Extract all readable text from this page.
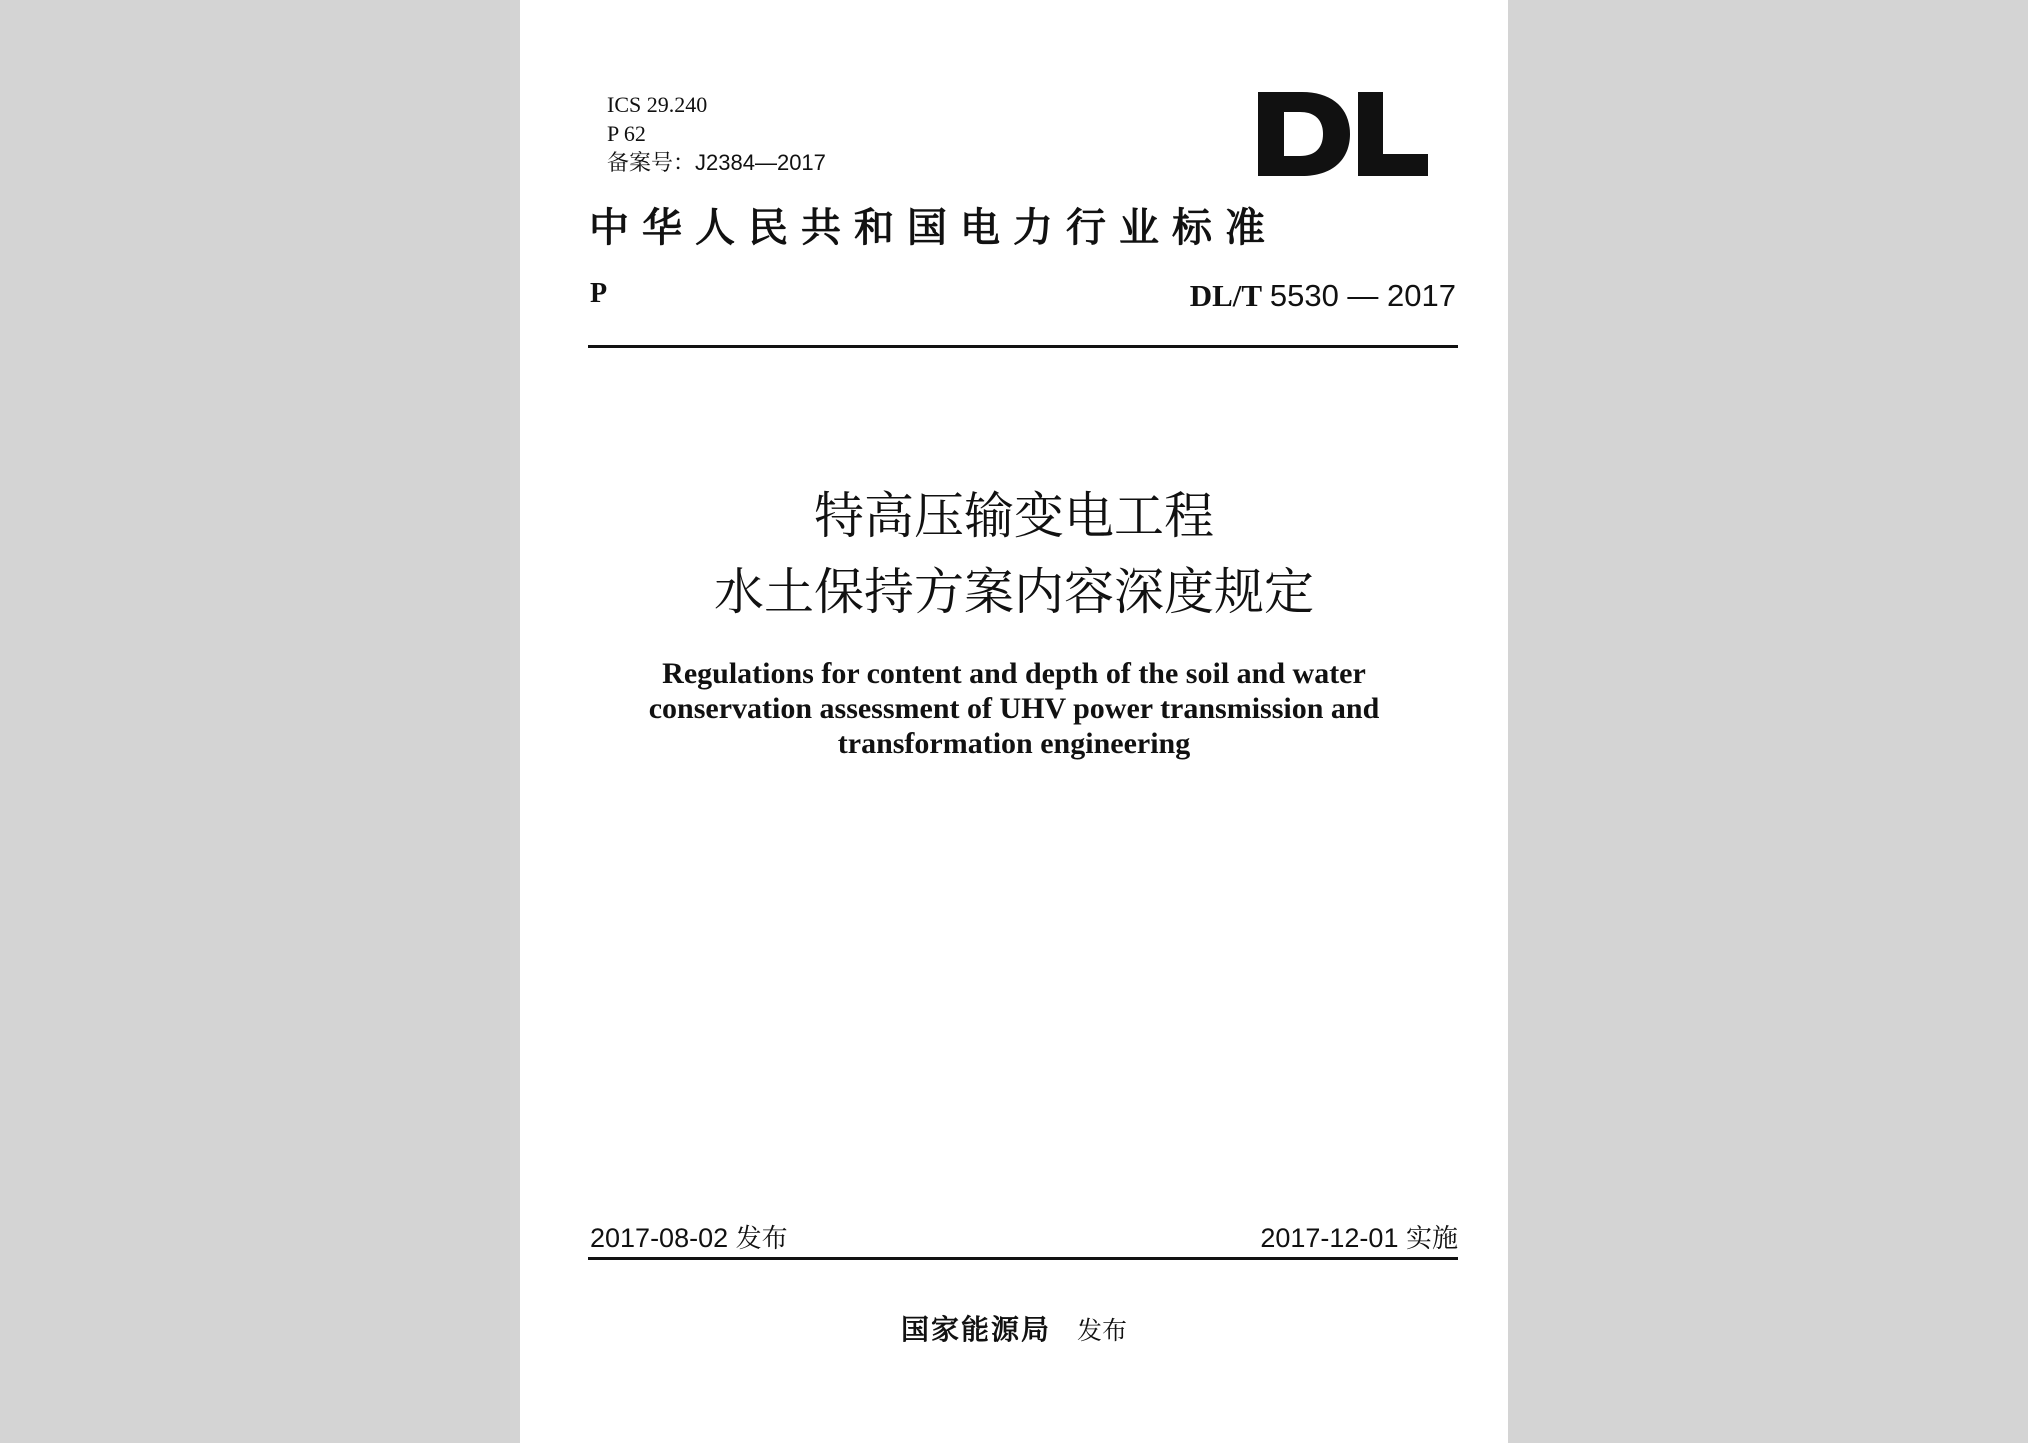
ICS 29.240
P 62
备案号：J2384—2017
中华人民共和国电力行业标准
P	DL/T 5530 — 2017
特高压输变电工程
水土保持方案内容深度规定
Regulations for content and depth of the soil and water
conservation assessment of UHV power transmission and
transformation engineering
2017-08-02 发布	2017-12-01 实施
国家能源局 发布
